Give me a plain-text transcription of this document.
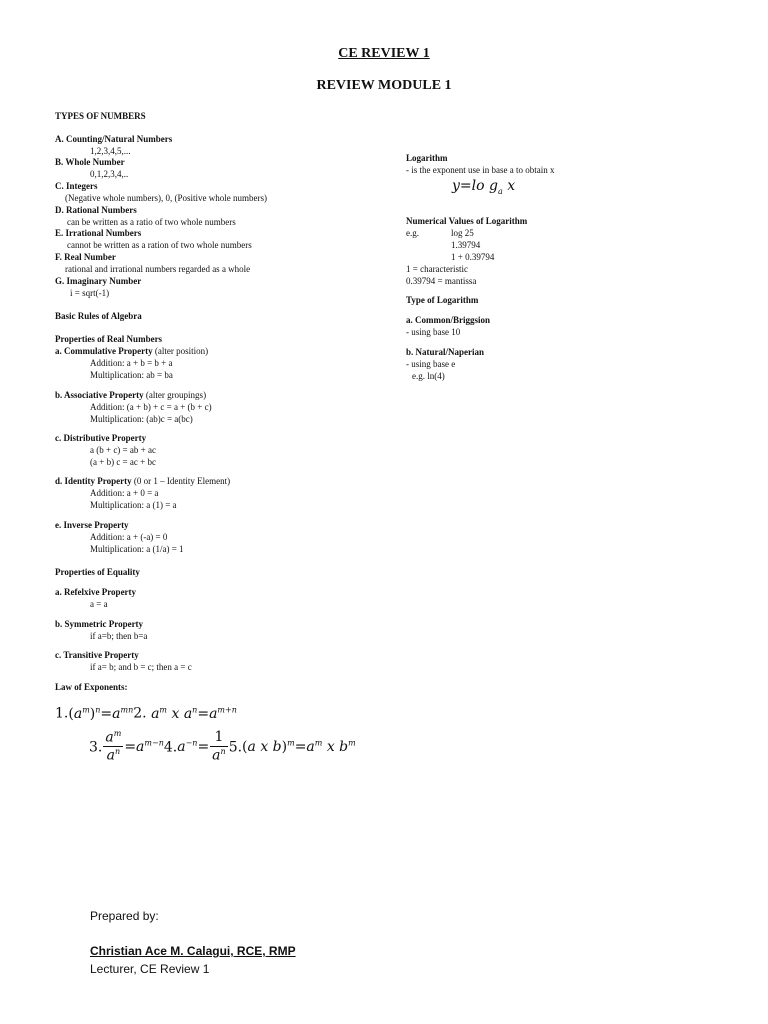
CE REVIEW 1
REVIEW MODULE 1
TYPES OF NUMBERS
A. Counting/Natural Numbers
1,2,3,4,5,...
B. Whole Number
0,1,2,3,4,..
C. Integers
(Negative whole numbers), 0, (Positive whole numbers)
D. Rational Numbers
can be written as a ratio of two whole numbers
E. Irrational Numbers
cannot be written as a ration of two whole numbers
F. Real Number
rational and irrational numbers regarded as a whole
G. Imaginary Number
i = sqrt(-1)
Basic Rules of Algebra
Properties of Real Numbers
a. Commulative Property (alter position)
Addition: a + b = b + a
Multiplication: ab = ba
b. Associative Property (alter groupings)
Addition: (a + b) + c = a + (b + c)
Multiplication: (ab)c = a(bc)
c. Distributive Property
a (b + c) = ab + ac
(a + b) c = ac + bc
d. Identity Property (0 or 1 – Identity Element)
Addition: a + 0 = a
Multiplication: a (1) = a
e. Inverse Property
Addition: a + (-a) = 0
Multiplication: a (1/a) = 1
Properties of Equality
a. Refelxive Property
a = a
b. Symmetric Property
if a=b; then b=a
c. Transitive Property
if a= b; and b = c; then a = c
Law of Exponents:
$1.(a^m)^n=a^{mn}2$. $a^m$ x $a^n=a^{m+n}$
3. $\frac{a^m}{a^n} =a^{m-n}4.a^{-n}= \frac{1}{a^n} 5.(a$ x $b)^m=a^m$ x $b^m$
Logarithm
- is the exponent use in base a to obtain x
y=lo $g_a$ x
Numerical Values of Logarithm
e.g.	log 25
1.39794
1 + 0.39794
1 = characteristic
0.39794 = mantissa
Type of Logarithm
a. Common/Briggsion
- using base 10
b. Natural/Naperian
- using base e
e.g. ln(4)
Prepared by:
Christian Ace M. Calagui, RCE, RMP
Lecturer, CE Review 1
